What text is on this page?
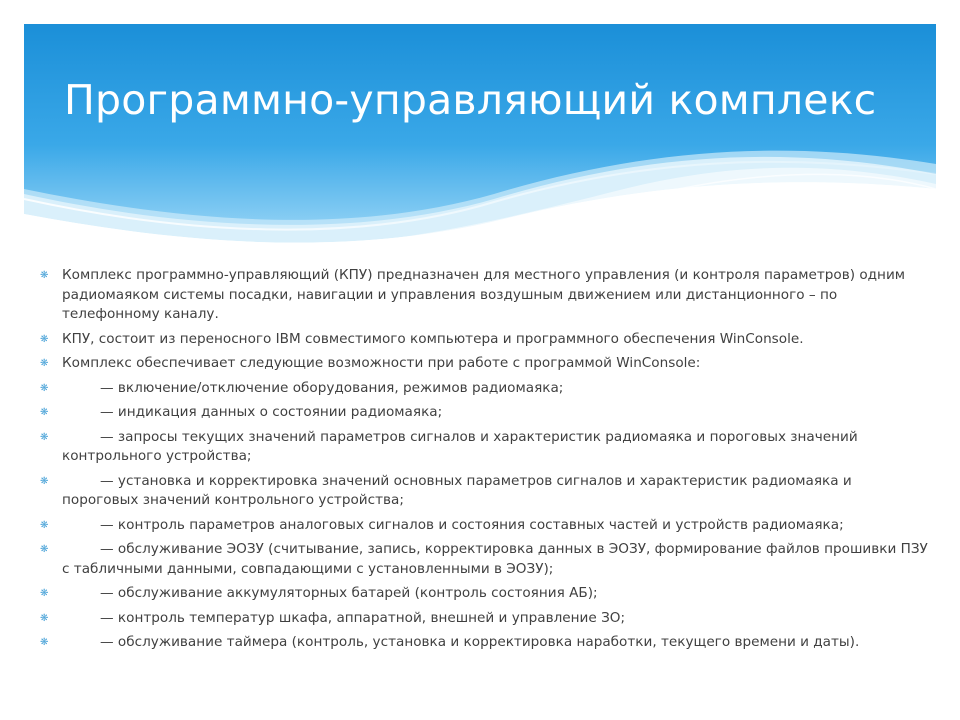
Программно-управляющий комплекс
❋ Комплекс программно-управляющий (КПУ) предназначен для местного управления (и контроля параметров) одним радиомаяком системы посадки, навигации и управления воздушным движением или дистанционного – по телефонному каналу.
❋ КПУ, состоит из переносного IBM совместимого компьютера и программного обеспечения WinConsole.
❋ Комплекс обеспечивает следующие возможности при работе с программой WinConsole:
❋	— включение/отключение оборудования, режимов радиомаяка;
❋	— индикация данных о состоянии радиомаяка;
❋	— запросы текущих значений параметров сигналов и характеристик радиомаяка и пороговых значений контрольного устройства;
❋	— установка и корректировка значений основных параметров сигналов и характеристик радиомаяка и пороговых значений контрольного устройства;
❋	— контроль параметров аналоговых сигналов и состояния составных частей и устройств радиомаяка;
❋	— обслуживание ЭОЗУ (считывание, запись, корректировка данных в ЭОЗУ, формирование файлов прошивки ПЗУ с табличными данными, совпадающими с установленными в ЭОЗУ);
❋	— обслуживание аккумуляторных батарей (контроль состояния АБ);
❋	— контроль температур шкафа, аппаратной, внешней и управление ЗО;
❋	— обслуживание таймера (контроль, установка и корректировка наработки, текущего времени и даты).
